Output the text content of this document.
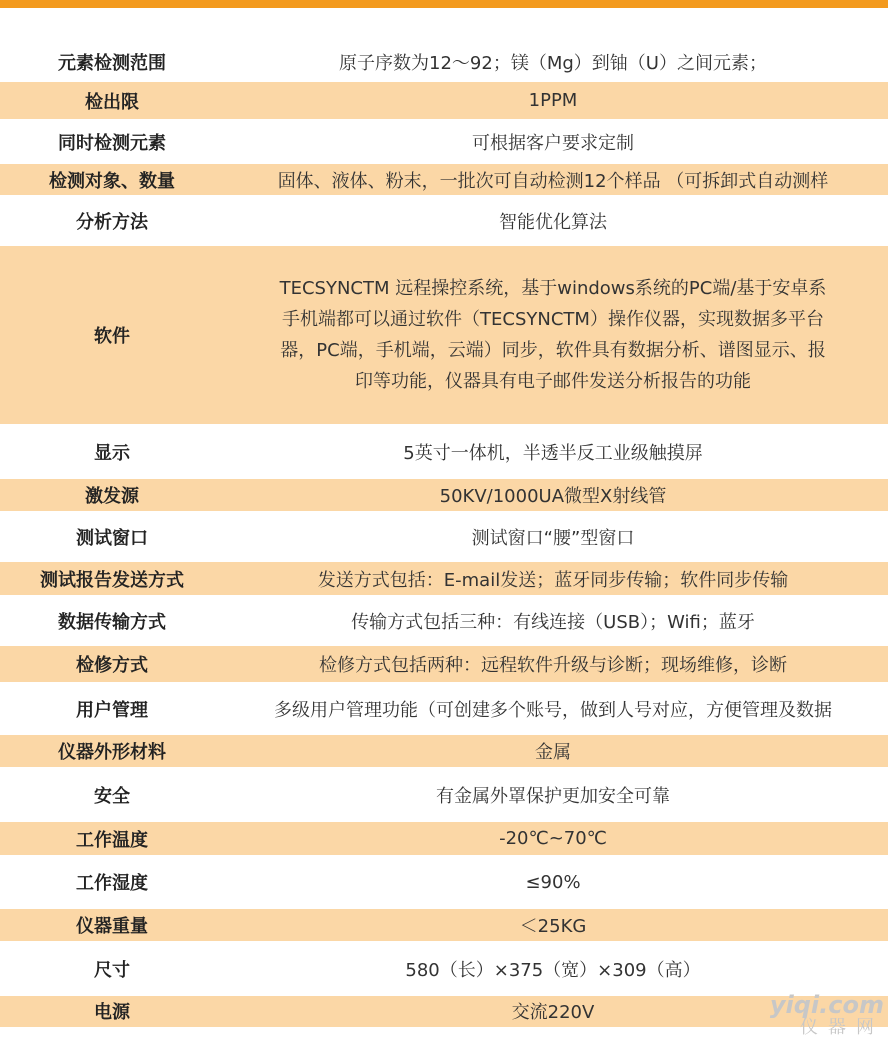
元素检测范围	原子序数为12～92；镁（Mg）到铀（U）之间元素；
检出限	1PPM
同时检测元素	可根据客户要求定制
检测对象、数量	固体、液体、粉末，一批次可自动检测12个样品 （可拆卸式自动测样
分析方法	智能优化算法
软件	TECSYNCTM 远程操控系统，基于windows系统的PC端/基于安卓系
手机端都可以通过软件（TECSYNCTM）操作仪器，实现数据多平台
器，PC端，手机端，云端）同步，软件具有数据分析、谱图显示、报
印等功能，仪器具有电子邮件发送分析报告的功能

显示	5英寸一体机，半透半反工业级触摸屏
激发源	50KV/1000UA微型X射线管
测试窗口	测试窗口“腰”型窗口
测试报告发送方式	发送方式包括：E-mail发送；蓝牙同步传输；软件同步传输
数据传输方式	传输方式包括三种：有线连接（USB）；Wifi；蓝牙
检修方式	检修方式包括两种：远程软件升级与诊断；现场维修，诊断
用户管理	多级用户管理功能（可创建多个账号，做到人号对应，方便管理及数据
仪器外形材料	金属
安全	有金属外罩保护更加安全可靠
工作温度	-20℃~70℃
工作湿度	≤90%
仪器重量	＜25KG
尺寸	580（长）×375（宽）×309（高）
电源	交流220V	yiqi.com
仪器网
